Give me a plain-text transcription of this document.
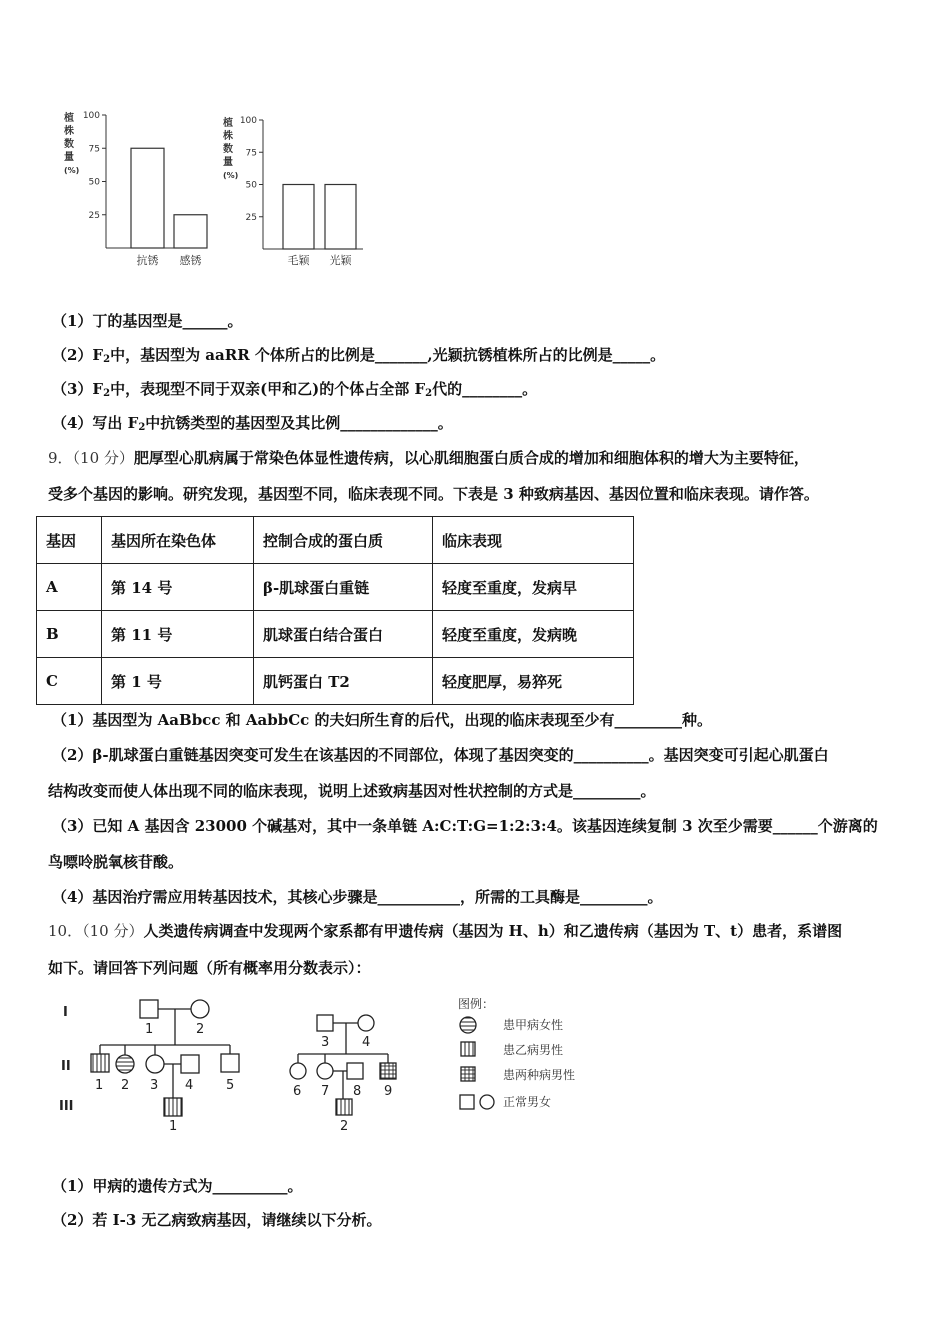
植
株
数
量
(%)
25
50
75
100
抗锈 感锈
植
株
数
量
(%)
25
50
75
100
毛颖 光颖
（1）丁的基因型是______。
$(2)F_2$中，基因型为 aaRR 个体所占的比例是_______,光颖抗锈植株所占的比例是_____。
$(3)F_2$中，表现型不同于双亲(甲和乙)的个体占全部 $F_2$代的________。
（4）写出 $F_2$中抗锈类型的基因型及其比例_____________。
9．（10 分）肥厚型心肌病属于常染色体显性遗传病，以心肌细胞蛋白质合成的增加和细胞体积的增大为主要特征，
受多个基因的影响。研究发现，基因型不同，临床表现不同。下表是 3 种致病基因、基因位置和临床表现。请作答。
基因	基因所在染色体	控制合成的蛋白质	临床表现
A	第 14 号	β-肌球蛋白重链	轻度至重度，发病早
B	第 11 号	肌球蛋白结合蛋白	轻度至重度，发病晚
C	第 1 号	肌钙蛋白 T2	轻度肥厚，易猝死
（1）基因型为 AaBbcc 和 AabbCc 的夫妇所生育的后代，出现的临床表现至少有_________种。
（2）β-肌球蛋白重链基因突变可发生在该基因的不同部位，体现了基因突变的__________。基因突变可引起心肌蛋白
结构改变而使人体出现不同的临床表现，说明上述致病基因对性状控制的方式是_________。
（3）已知 A 基因含 23000 个碱基对，其中一条单链 A:C:T:G=1:2:3:4。该基因连续复制 3 次至少需要______个游离的
鸟嘌呤脱氧核苷酸。
（4）基因治疗需应用转基因技术，其核心步骤是___________，所需的工具酶是_________。
10．（10 分）人类遗传病调查中发现两个家系都有甲遗传病（基因为 H、h）和乙遗传病（基因为 T、t）患者，系谱图
如下。请回答下列问题（所有概率用分数表示）：
I
II
III
1	2
1 2 3 4	5
1
3	4
6 7 8 9
2
图例：
患甲病女性
患乙病男性
患两种病男性
正常男女
（1）甲病的遗传方式为__________。
（2）若 I-3 无乙病致病基因，请继续以下分析。
